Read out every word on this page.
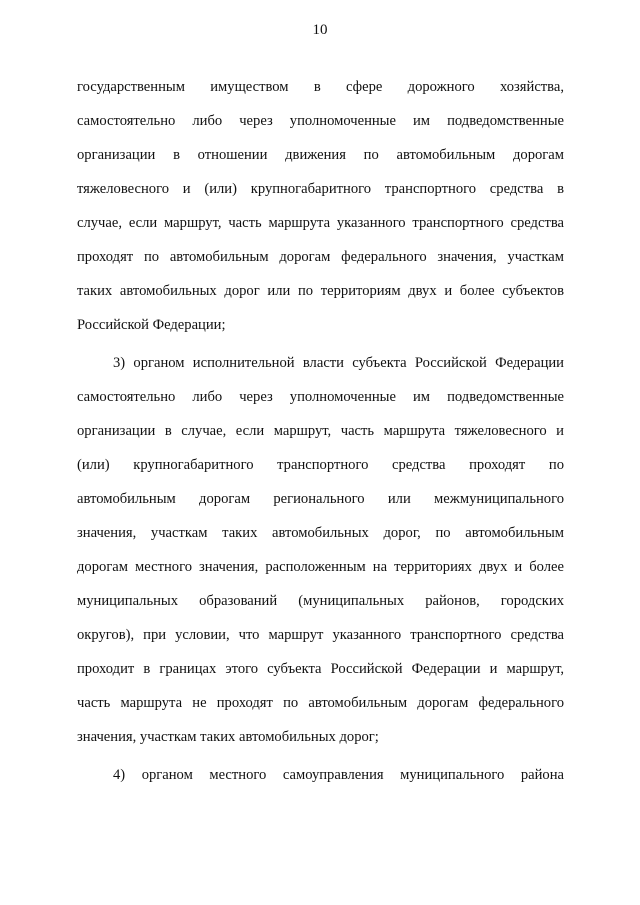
10
государственным имуществом в сфере дорожного хозяйства,
самостоятельно либо через уполномоченные им подведомственные
организации в отношении движения по автомобильным дорогам
тяжеловесного и (или) крупногабаритного транспортного средства в
случае, если маршрут, часть маршрута указанного транспортного средства
проходят по автомобильным дорогам федерального значения, участкам
таких автомобильных дорог или по территориям двух и более субъектов
Российской Федерации;
3) органом исполнительной власти субъекта Российской Федерации
самостоятельно либо через уполномоченные им подведомственные
организации в случае, если маршрут, часть маршрута тяжеловесного и
(или) крупногабаритного транспортного средства проходят по
автомобильным дорогам регионального или межмуниципального
значения, участкам таких автомобильных дорог, по автомобильным
дорогам местного значения, расположенным на территориях двух и более
муниципальных образований (муниципальных районов, городских
округов), при условии, что маршрут указанного транспортного средства
проходит в границах этого субъекта Российской Федерации и маршрут,
часть маршрута не проходят по автомобильным дорогам федерального
значения, участкам таких автомобильных дорог;
4) органом местного самоуправления муниципального района
